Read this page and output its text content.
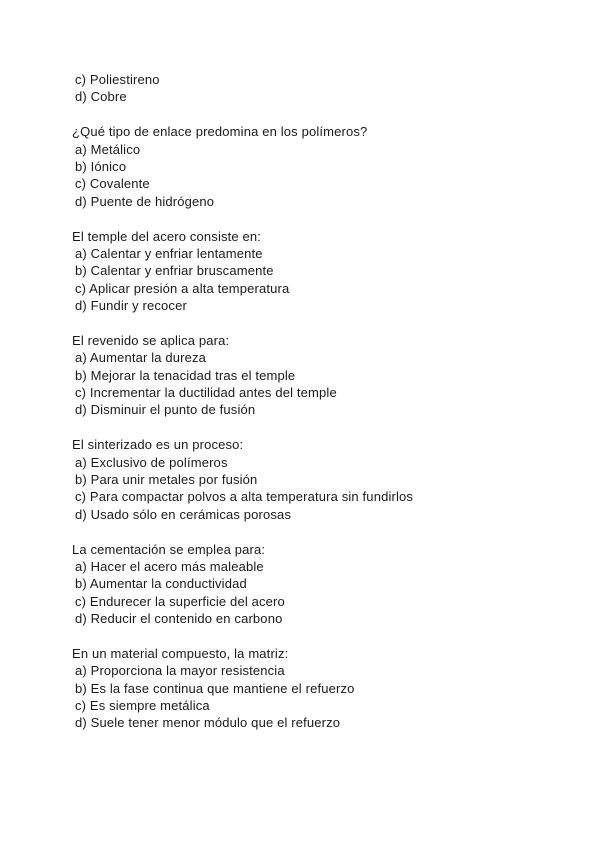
c) Poliestireno
d) Cobre
¿Qué tipo de enlace predomina en los polímeros?
a) Metálico
b) Iónico
c) Covalente
d) Puente de hidrógeno
El temple del acero consiste en:
a) Calentar y enfriar lentamente
b) Calentar y enfriar bruscamente
c) Aplicar presión a alta temperatura
d) Fundir y recocer
El revenido se aplica para:
a) Aumentar la dureza
b) Mejorar la tenacidad tras el temple
c) Incrementar la ductilidad antes del temple
d) Disminuir el punto de fusión
El sinterizado es un proceso:
a) Exclusivo de polímeros
b) Para unir metales por fusión
c) Para compactar polvos a alta temperatura sin fundirlos
d) Usado sólo en cerámicas porosas
La cementación se emplea para:
a) Hacer el acero más maleable
b) Aumentar la conductividad
c) Endurecer la superficie del acero
d) Reducir el contenido en carbono
En un material compuesto, la matriz:
a) Proporciona la mayor resistencia
b) Es la fase continua que mantiene el refuerzo
c) Es siempre metálica
d) Suele tener menor módulo que el refuerzo
